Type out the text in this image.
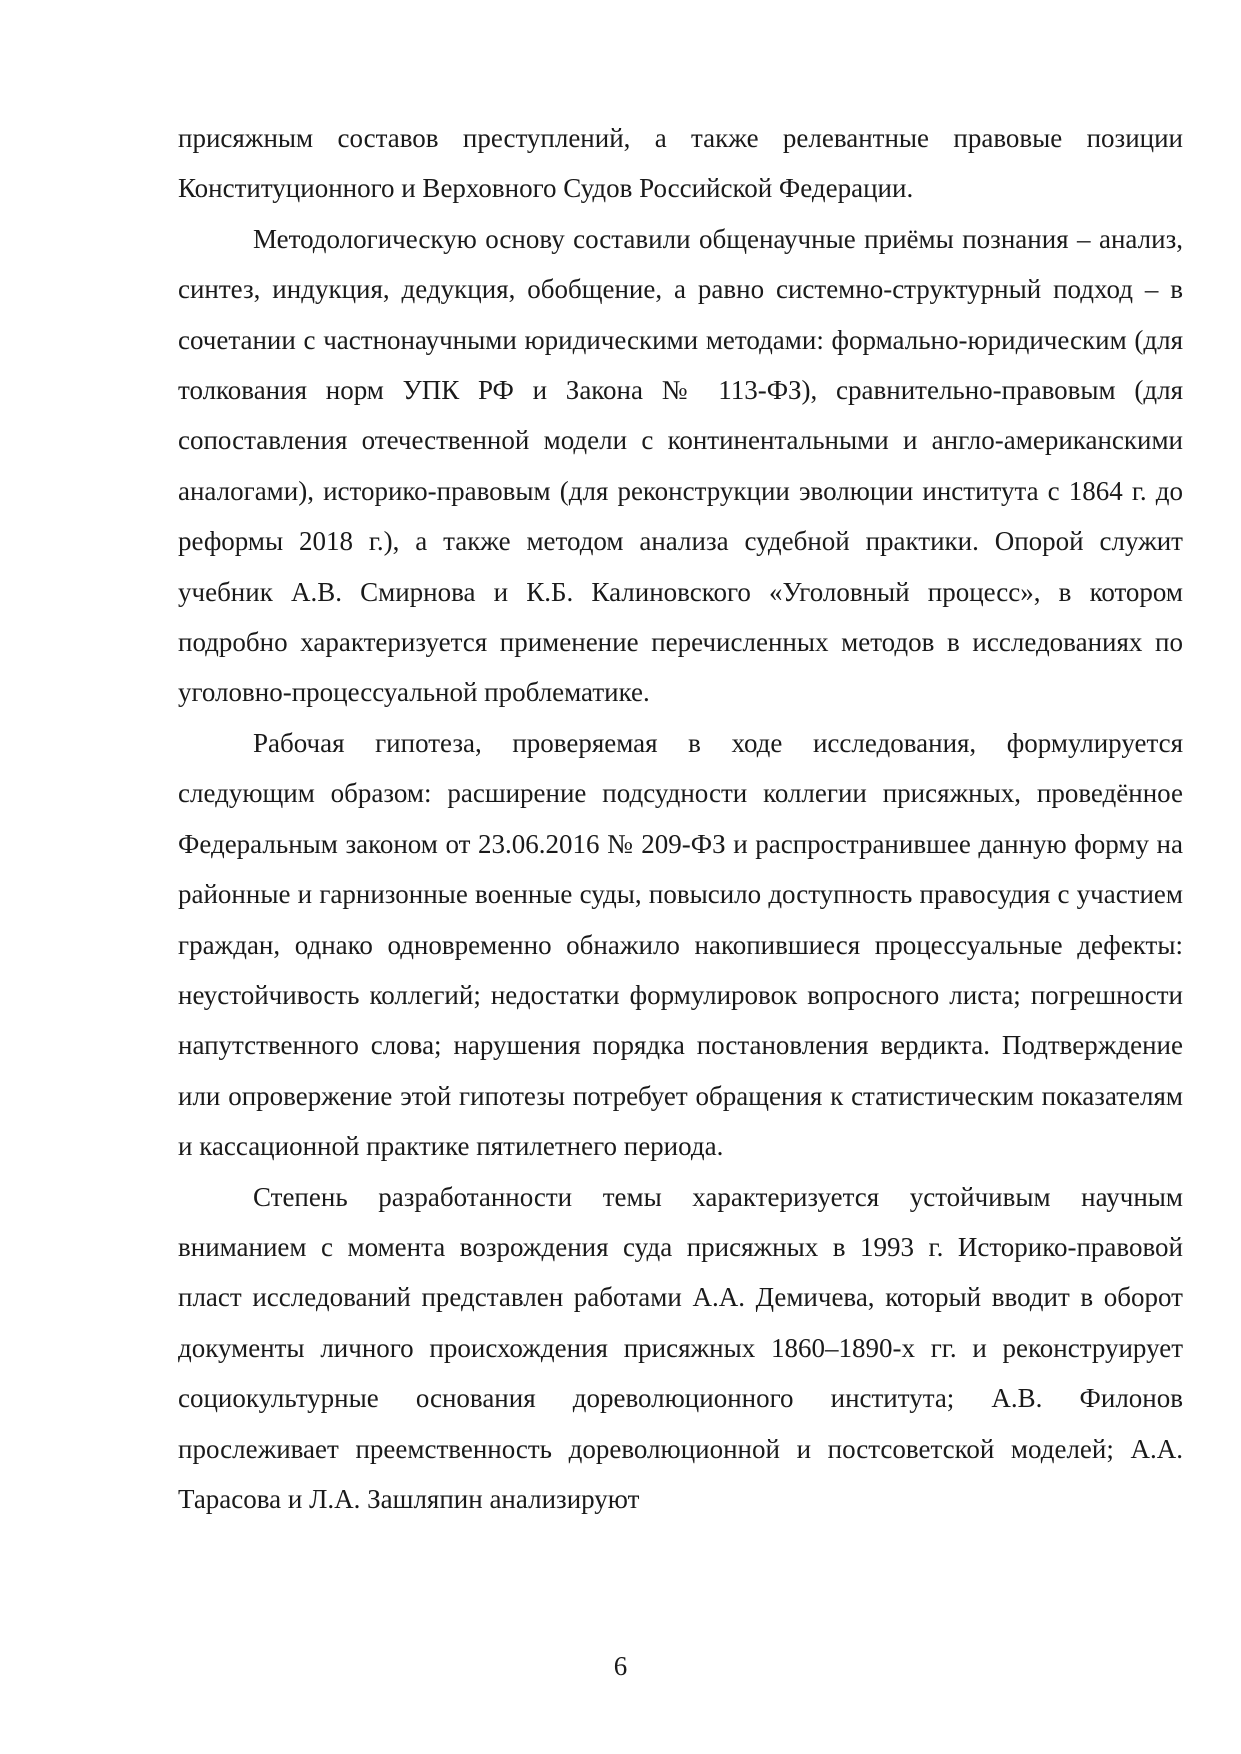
присяжным составов преступлений, а также релевантные правовые позиции Конституционного и Верховного Судов Российской Федерации.

Методологическую основу составили общенаучные приёмы познания – анализ, синтез, индукция, дедукция, обобщение, а равно системно-структурный подход – в сочетании с частнонаучными юридическими методами: формально-юридическим (для толкования норм УПК РФ и Закона № 113-ФЗ), сравнительно-правовым (для сопоставления отечественной модели с континентальными и англо-американскими аналогами), историко-правовым (для реконструкции эволюции института с 1864 г. до реформы 2018 г.), а также методом анализа судебной практики. Опорой служит учебник А.В. Смирнова и К.Б. Калиновского «Уголовный процесс», в котором подробно характеризуется применение перечисленных методов в исследованиях по уголовно-процессуальной проблематике.

Рабочая гипотеза, проверяемая в ходе исследования, формулируется следующим образом: расширение подсудности коллегии присяжных, проведённое Федеральным законом от 23.06.2016 № 209-ФЗ и распространившее данную форму на районные и гарнизонные военные суды, повысило доступность правосудия с участием граждан, однако одновременно обнажило накопившиеся процессуальные дефекты: неустойчивость коллегий; недостатки формулировок вопросного листа; погрешности напутственного слова; нарушения порядка постановления вердикта. Подтверждение или опровержение этой гипотезы потребует обращения к статистическим показателям и кассационной практике пятилетнего периода.

Степень разработанности темы характеризуется устойчивым научным вниманием с момента возрождения суда присяжных в 1993 г. Историко-правовой пласт исследований представлен работами А.А. Демичева, который вводит в оборот документы личного происхождения присяжных 1860–1890-х гг. и реконструирует социокультурные основания дореволюционного института; А.В. Филонов прослеживает преемственность дореволюционной и постсоветской моделей; А.А. Тарасова и Л.А. Зашляпин анализируют

6
